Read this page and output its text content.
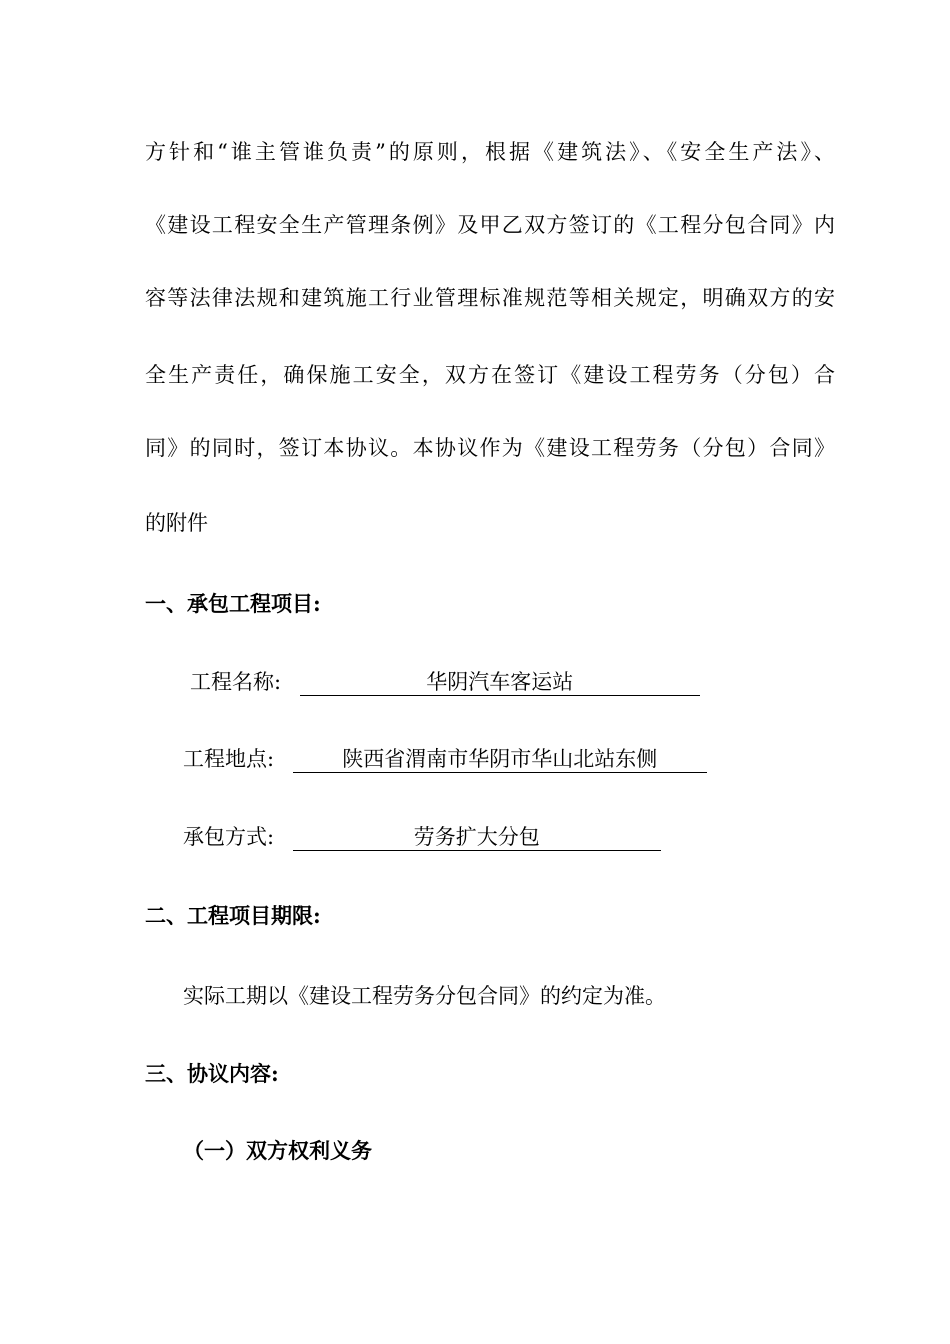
方针和“谁主管谁负责”的原则，根据《建筑法》、《安全生产法》、
《建设工程安全生产管理条例》及甲乙双方签订的《工程分包合同》内
容等法律法规和建筑施工行业管理标准规范等相关规定，明确双方的安
全生产责任，确保施工安全，双方在签订《建设工程劳务（分包）合
同》的同时，签订本协议。本协议作为《建设工程劳务（分包）合同》
的附件
一、承包工程项目:
工程名称:	华阴汽车客运站
工程地点:	陕西省渭南市华阴市华山北站东侧
承包方式:	劳务扩大分包
二、工程项目期限:
实际工期以《建设工程劳务分包合同》的约定为准。
三、协议内容:
（一）双方权利义务
